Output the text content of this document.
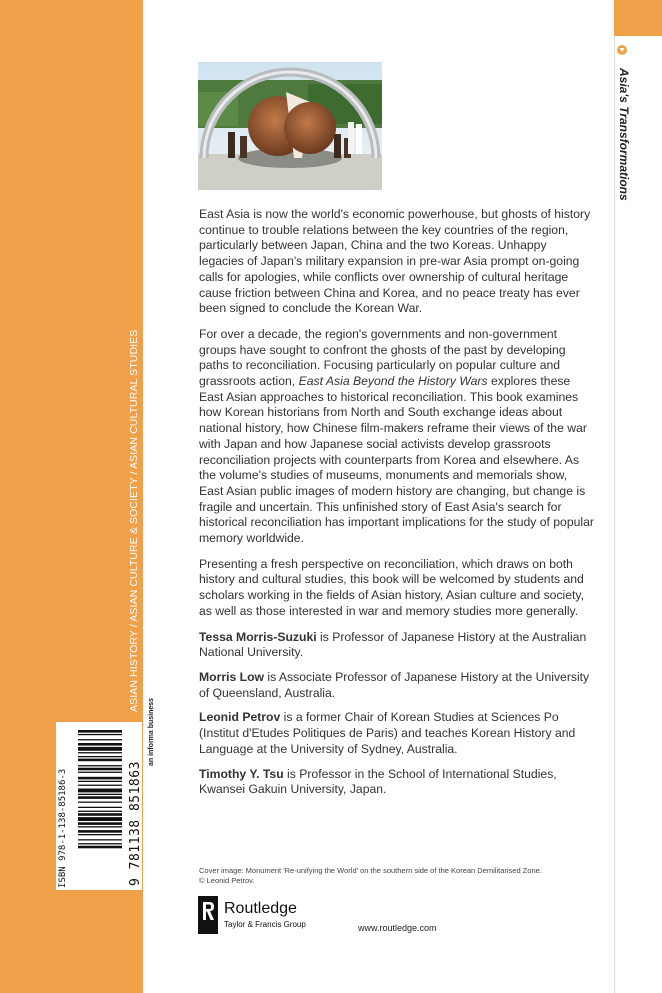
Asia's Transformations
ASIAN HISTORY / ASIAN CULTURE & SOCIETY / ASIAN CULTURAL STUDIES
ISBN 978-1-138-85186-3	9 781138 851863
an informa business

East Asia is now the world's economic powerhouse, but ghosts of history continue to trouble relations between the key countries of the region, particularly between Japan, China and the two Koreas. Unhappy legacies of Japan's military expansion in pre-war Asia prompt on-going calls for apologies, while conflicts over ownership of cultural heritage cause friction between China and Korea, and no peace treaty has ever been signed to conclude the Korean War.

For over a decade, the region's governments and non-government groups have sought to confront the ghosts of the past by developing paths to reconciliation. Focusing particularly on popular culture and grassroots action, East Asia Beyond the History Wars explores these East Asian approaches to historical reconciliation. This book examines how Korean historians from North and South exchange ideas about national history, how Chinese film-makers reframe their views of the war with Japan and how Japanese social activists develop grassroots reconciliation projects with counterparts from Korea and elsewhere. As the volume's studies of museums, monuments and memorials show, East Asian public images of modern history are changing, but change is fragile and uncertain. This unfinished story of East Asia's search for historical reconciliation has important implications for the study of popular memory worldwide.

Presenting a fresh perspective on reconciliation, which draws on both history and cultural studies, this book will be welcomed by students and scholars working in the fields of Asian history, Asian culture and society, as well as those interested in war and memory studies more generally.

Tessa Morris-Suzuki is Professor of Japanese History at the Australian National University.

Morris Low is Associate Professor of Japanese History at the University of Queensland, Australia.

Leonid Petrov is a former Chair of Korean Studies at Sciences Po (Institut d'Etudes Politiques de Paris) and teaches Korean History and Language at the University of Sydney, Australia.

Timothy Y. Tsu is Professor in the School of International Studies, Kwansei Gakuin University, Japan.

Cover image: Monument 'Re-unifying the World' on the southern side of the Korean Demilitarised Zone.
© Leonid Petrov.
Routledge
Taylor & Francis Group	www.routledge.com
